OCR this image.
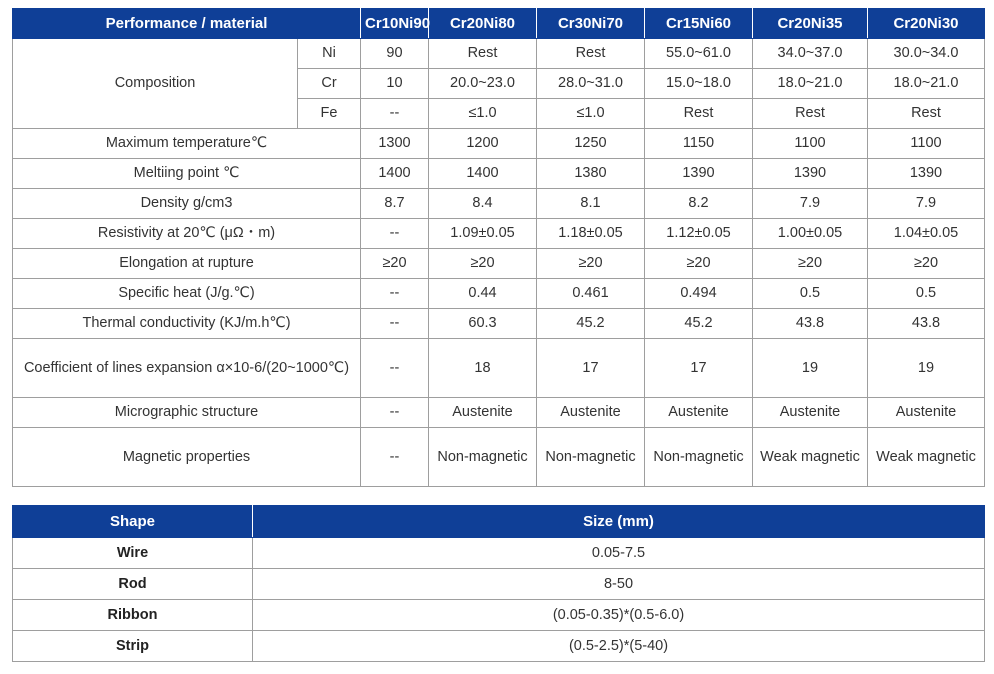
Performance / material		Cr10Ni90	Cr20Ni80	Cr30Ni70	Cr15Ni60	Cr20Ni35	Cr20Ni30
Composition	Ni	90	Rest	Rest	55.0~61.0	34.0~37.0	30.0~34.0
	Cr	10	20.0~23.0	28.0~31.0	15.0~18.0	18.0~21.0	18.0~21.0
	Fe	--	≤1.0	≤1.0	Rest	Rest	Rest
Maximum temperature℃		1300	1200	1250	1150	1100	1100
Meltiing point ℃		1400	1400	1380	1390	1390	1390
Density g/cm3		8.7	8.4	8.1	8.2	7.9	7.9
Resistivity at 20℃ (μΩ・m)		--	1.09±0.05	1.18±0.05	1.12±0.05	1.00±0.05	1.04±0.05
Elongation at rupture		≥20	≥20	≥20	≥20	≥20	≥20
Specific heat (J/g.℃)		--	0.44	0.461	0.494	0.5	0.5
Thermal conductivity (KJ/m.h℃)		--	60.3	45.2	45.2	43.8	43.8
Coefficient of lines expansion α×10-6/(20~1000℃)		--	18	17	17	19	19
Micrographic structure		--	Austenite	Austenite	Austenite	Austenite	Austenite
Magnetic properties		--	Non-magnetic	Non-magnetic	Non-magnetic	Weak magnetic	Weak magnetic
Shape	Size (mm)
Wire	0.05-7.5
Rod	8-50
Ribbon	(0.05-0.35)*(0.5-6.0)
Strip	(0.5-2.5)*(5-40)
